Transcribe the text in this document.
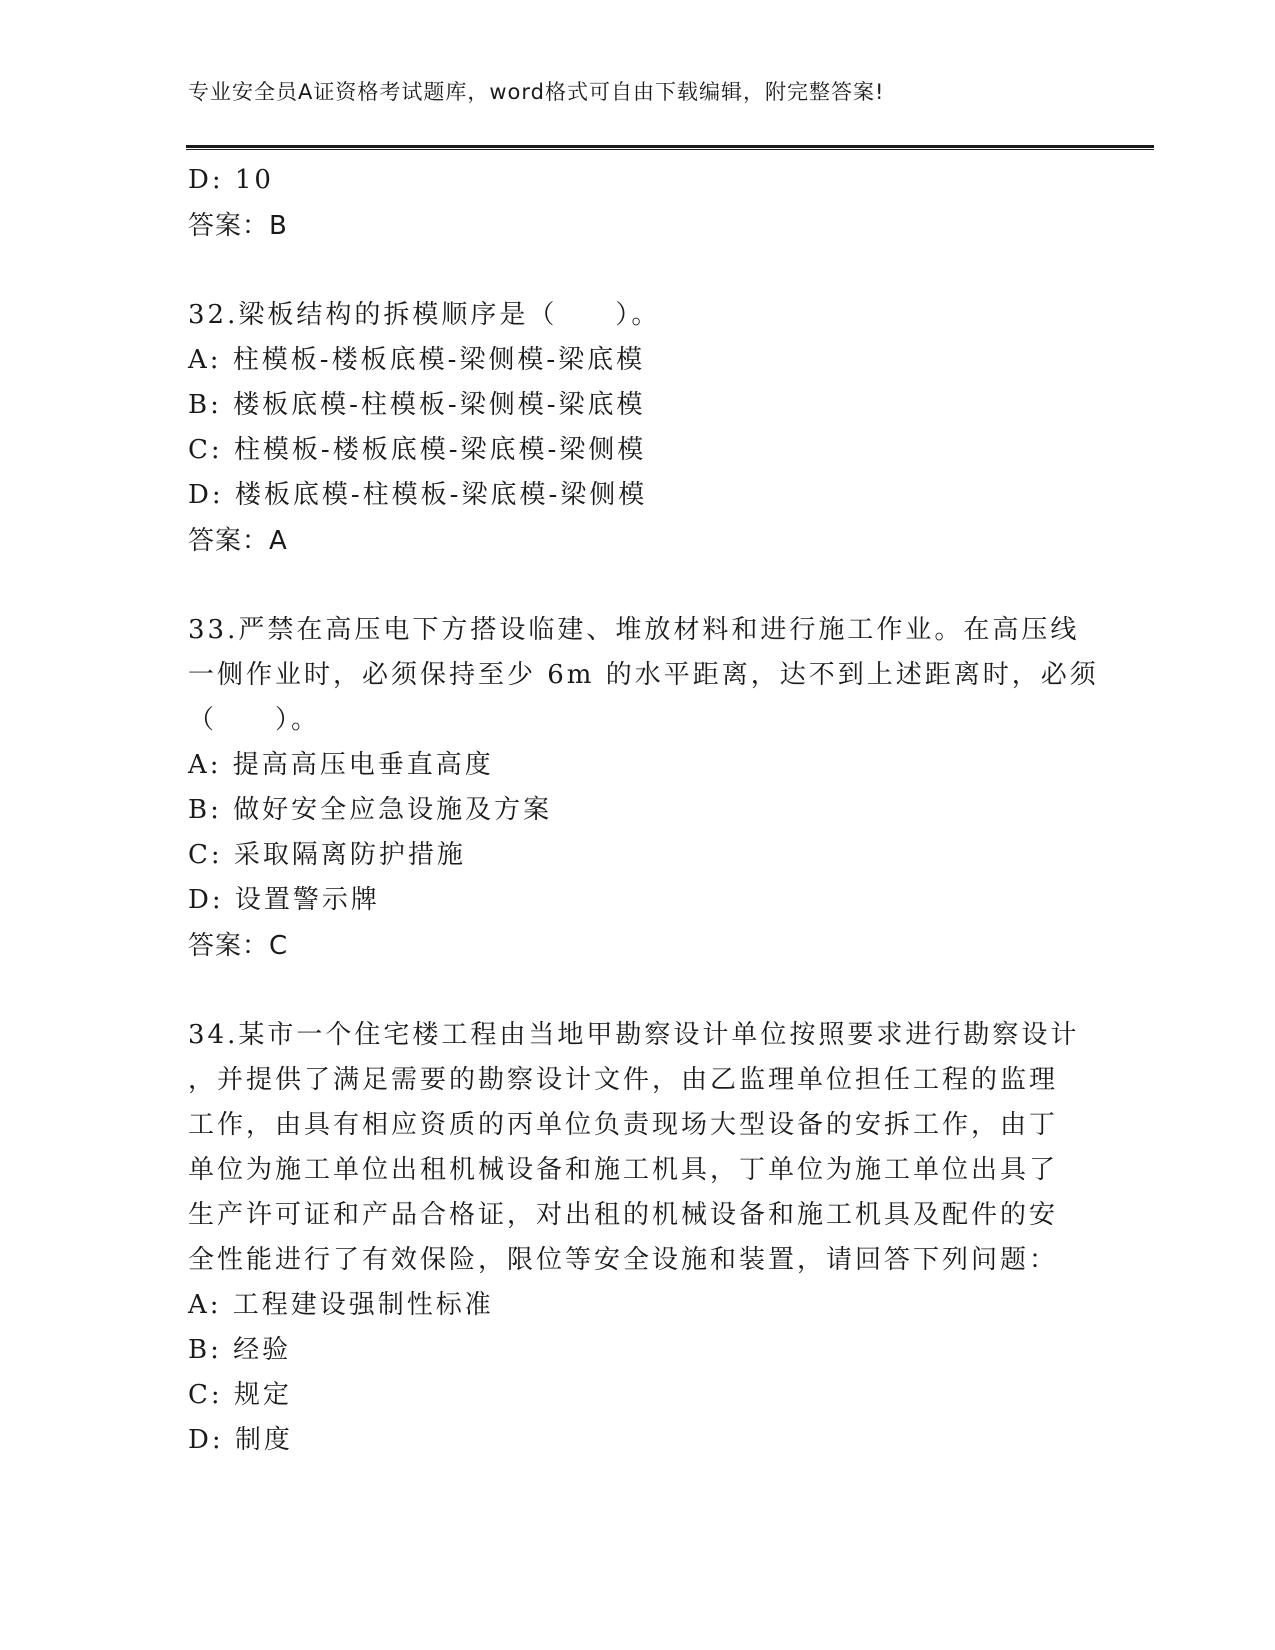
专业安全员A证资格考试题库，word格式可自由下载编辑，附完整答案!

D: 10

答案：B

32.梁板结构的拆模顺序是（　　）。

A: 柱模板-楼板底模-梁侧模-梁底模

B: 楼板底模-柱模板-梁侧模-梁底模

C: 柱模板-楼板底模-梁底模-梁侧模

D: 楼板底模-柱模板-梁底模-梁侧模

答案：A

33.严禁在高压电下方搭设临建、堆放材料和进行施工作业。在高压线

一侧作业时，必须保持至少 6m 的水平距离，达不到上述距离时，必须

（　　）。

A: 提高高压电垂直高度

B: 做好安全应急设施及方案

C: 采取隔离防护措施

D: 设置警示牌

答案：C

34.某市一个住宅楼工程由当地甲勘察设计单位按照要求进行勘察设计

，并提供了满足需要的勘察设计文件，由乙监理单位担任工程的监理

工作，由具有相应资质的丙单位负责现场大型设备的安拆工作，由丁

单位为施工单位出租机械设备和施工机具，丁单位为施工单位出具了

生产许可证和产品合格证，对出租的机械设备和施工机具及配件的安

全性能进行了有效保险，限位等安全设施和装置，请回答下列问题：

A: 工程建设强制性标准

B: 经验

C: 规定

D: 制度
